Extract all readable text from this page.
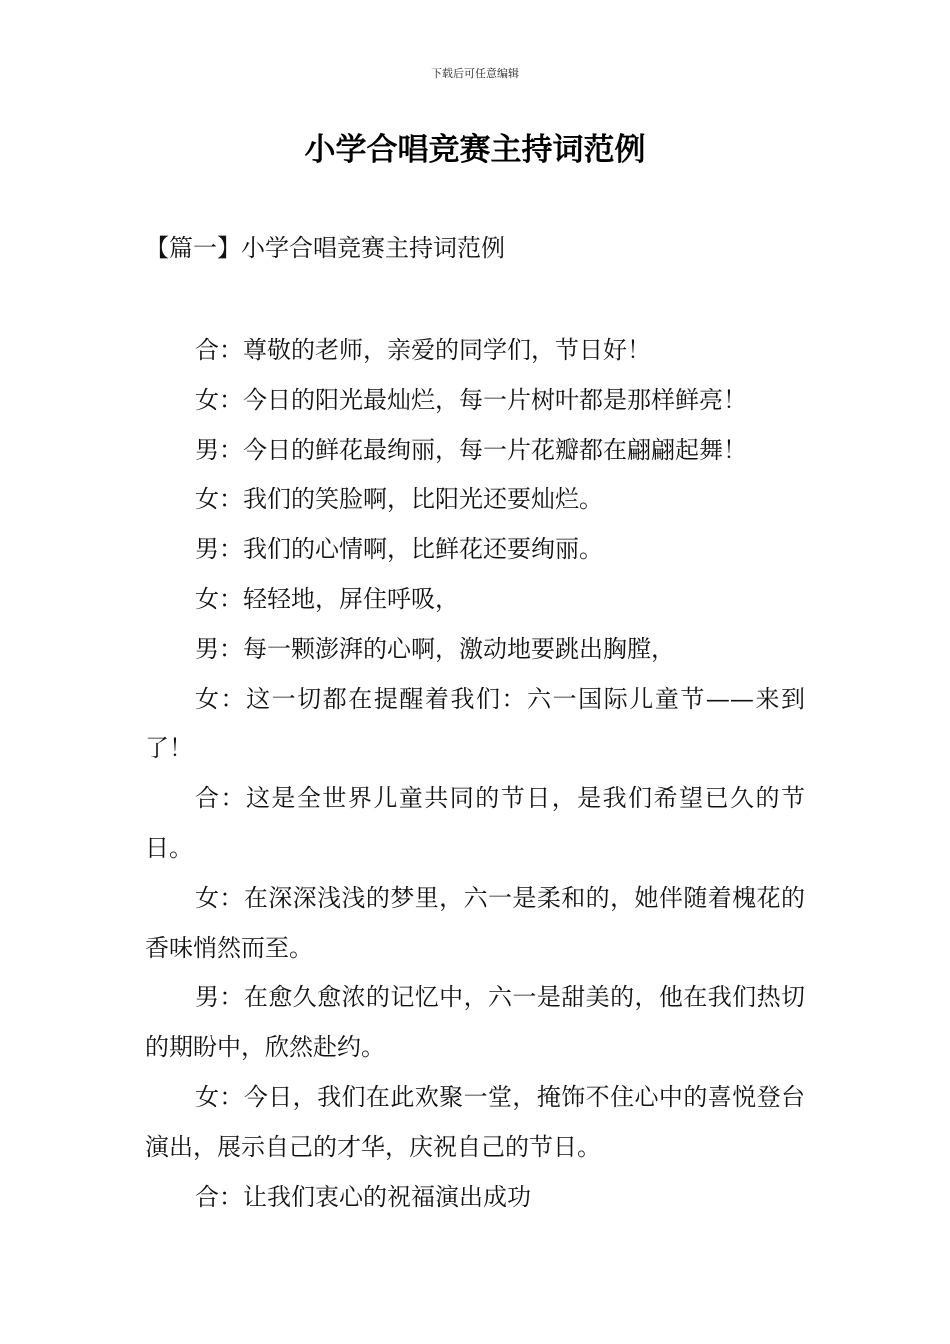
下载后可任意编辑
小学合唱竞赛主持词范例
【篇一】小学合唱竞赛主持词范例

合：尊敬的老师，亲爱的同学们，节日好！

女：今日的阳光最灿烂，每一片树叶都是那样鲜亮！

男：今日的鲜花最绚丽，每一片花瓣都在翩翩起舞！

女：我们的笑脸啊，比阳光还要灿烂。

男：我们的心情啊，比鲜花还要绚丽。

女：轻轻地，屏住呼吸，

男：每一颗澎湃的心啊，激动地要跳出胸膛，

女：这一切都在提醒着我们：六一国际儿童节——来到了！

合：这是全世界儿童共同的节日，是我们希望已久的节日。

女：在深深浅浅的梦里，六一是柔和的，她伴随着槐花的香味悄然而至。

男：在愈久愈浓的记忆中，六一是甜美的，他在我们热切的期盼中，欣然赴约。

女：今日，我们在此欢聚一堂，掩饰不住心中的喜悦登台演出，展示自己的才华，庆祝自己的节日。

合：让我们衷心的祝福演出成功
